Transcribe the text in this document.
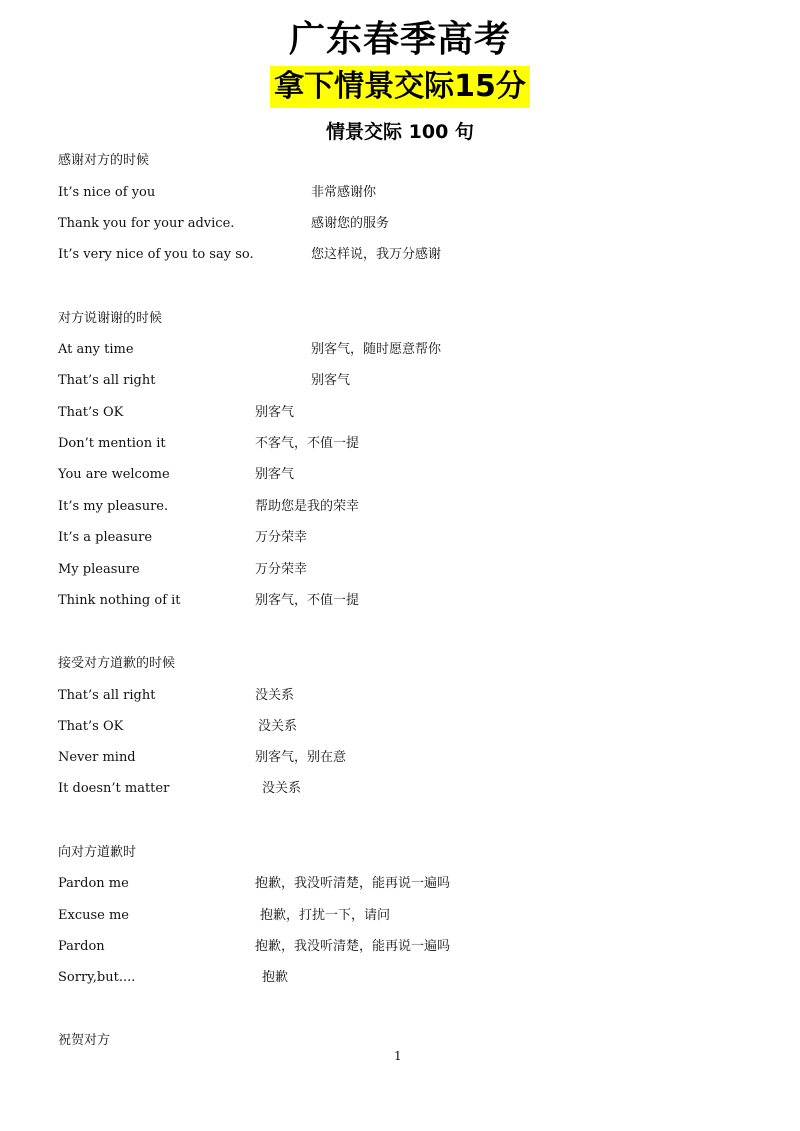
广东春季高考
拿下情景交际15分
情景交际 100 句
感谢对方的时候
It’s nice of you	非常感谢你
Thank you for your advice.	感谢您的服务
It’s very nice of you to say so.	您这样说，我万分感谢
对方说谢谢的时候
At any time	别客气，随时愿意帮你
That’s all right	别客气
That’s OK	别客气
Don’t mention it	不客气，不值一提
You are welcome	别客气
It’s my pleasure.	帮助您是我的荣幸
It’s a pleasure	万分荣幸
My pleasure	万分荣幸
Think nothing of it	别客气，不值一提
接受对方道歉的时候
That’s all right	没关系
That’s OK	没关系
Never mind	别客气，别在意
It doesn’t matter	没关系
向对方道歉时
Pardon me	抱歉，我没听清楚，能再说一遍吗
Excuse me	抱歉，打扰一下，请问
Pardon	抱歉，我没听清楚，能再说一遍吗
Sorry,but....	抱歉
祝贺对方
1
